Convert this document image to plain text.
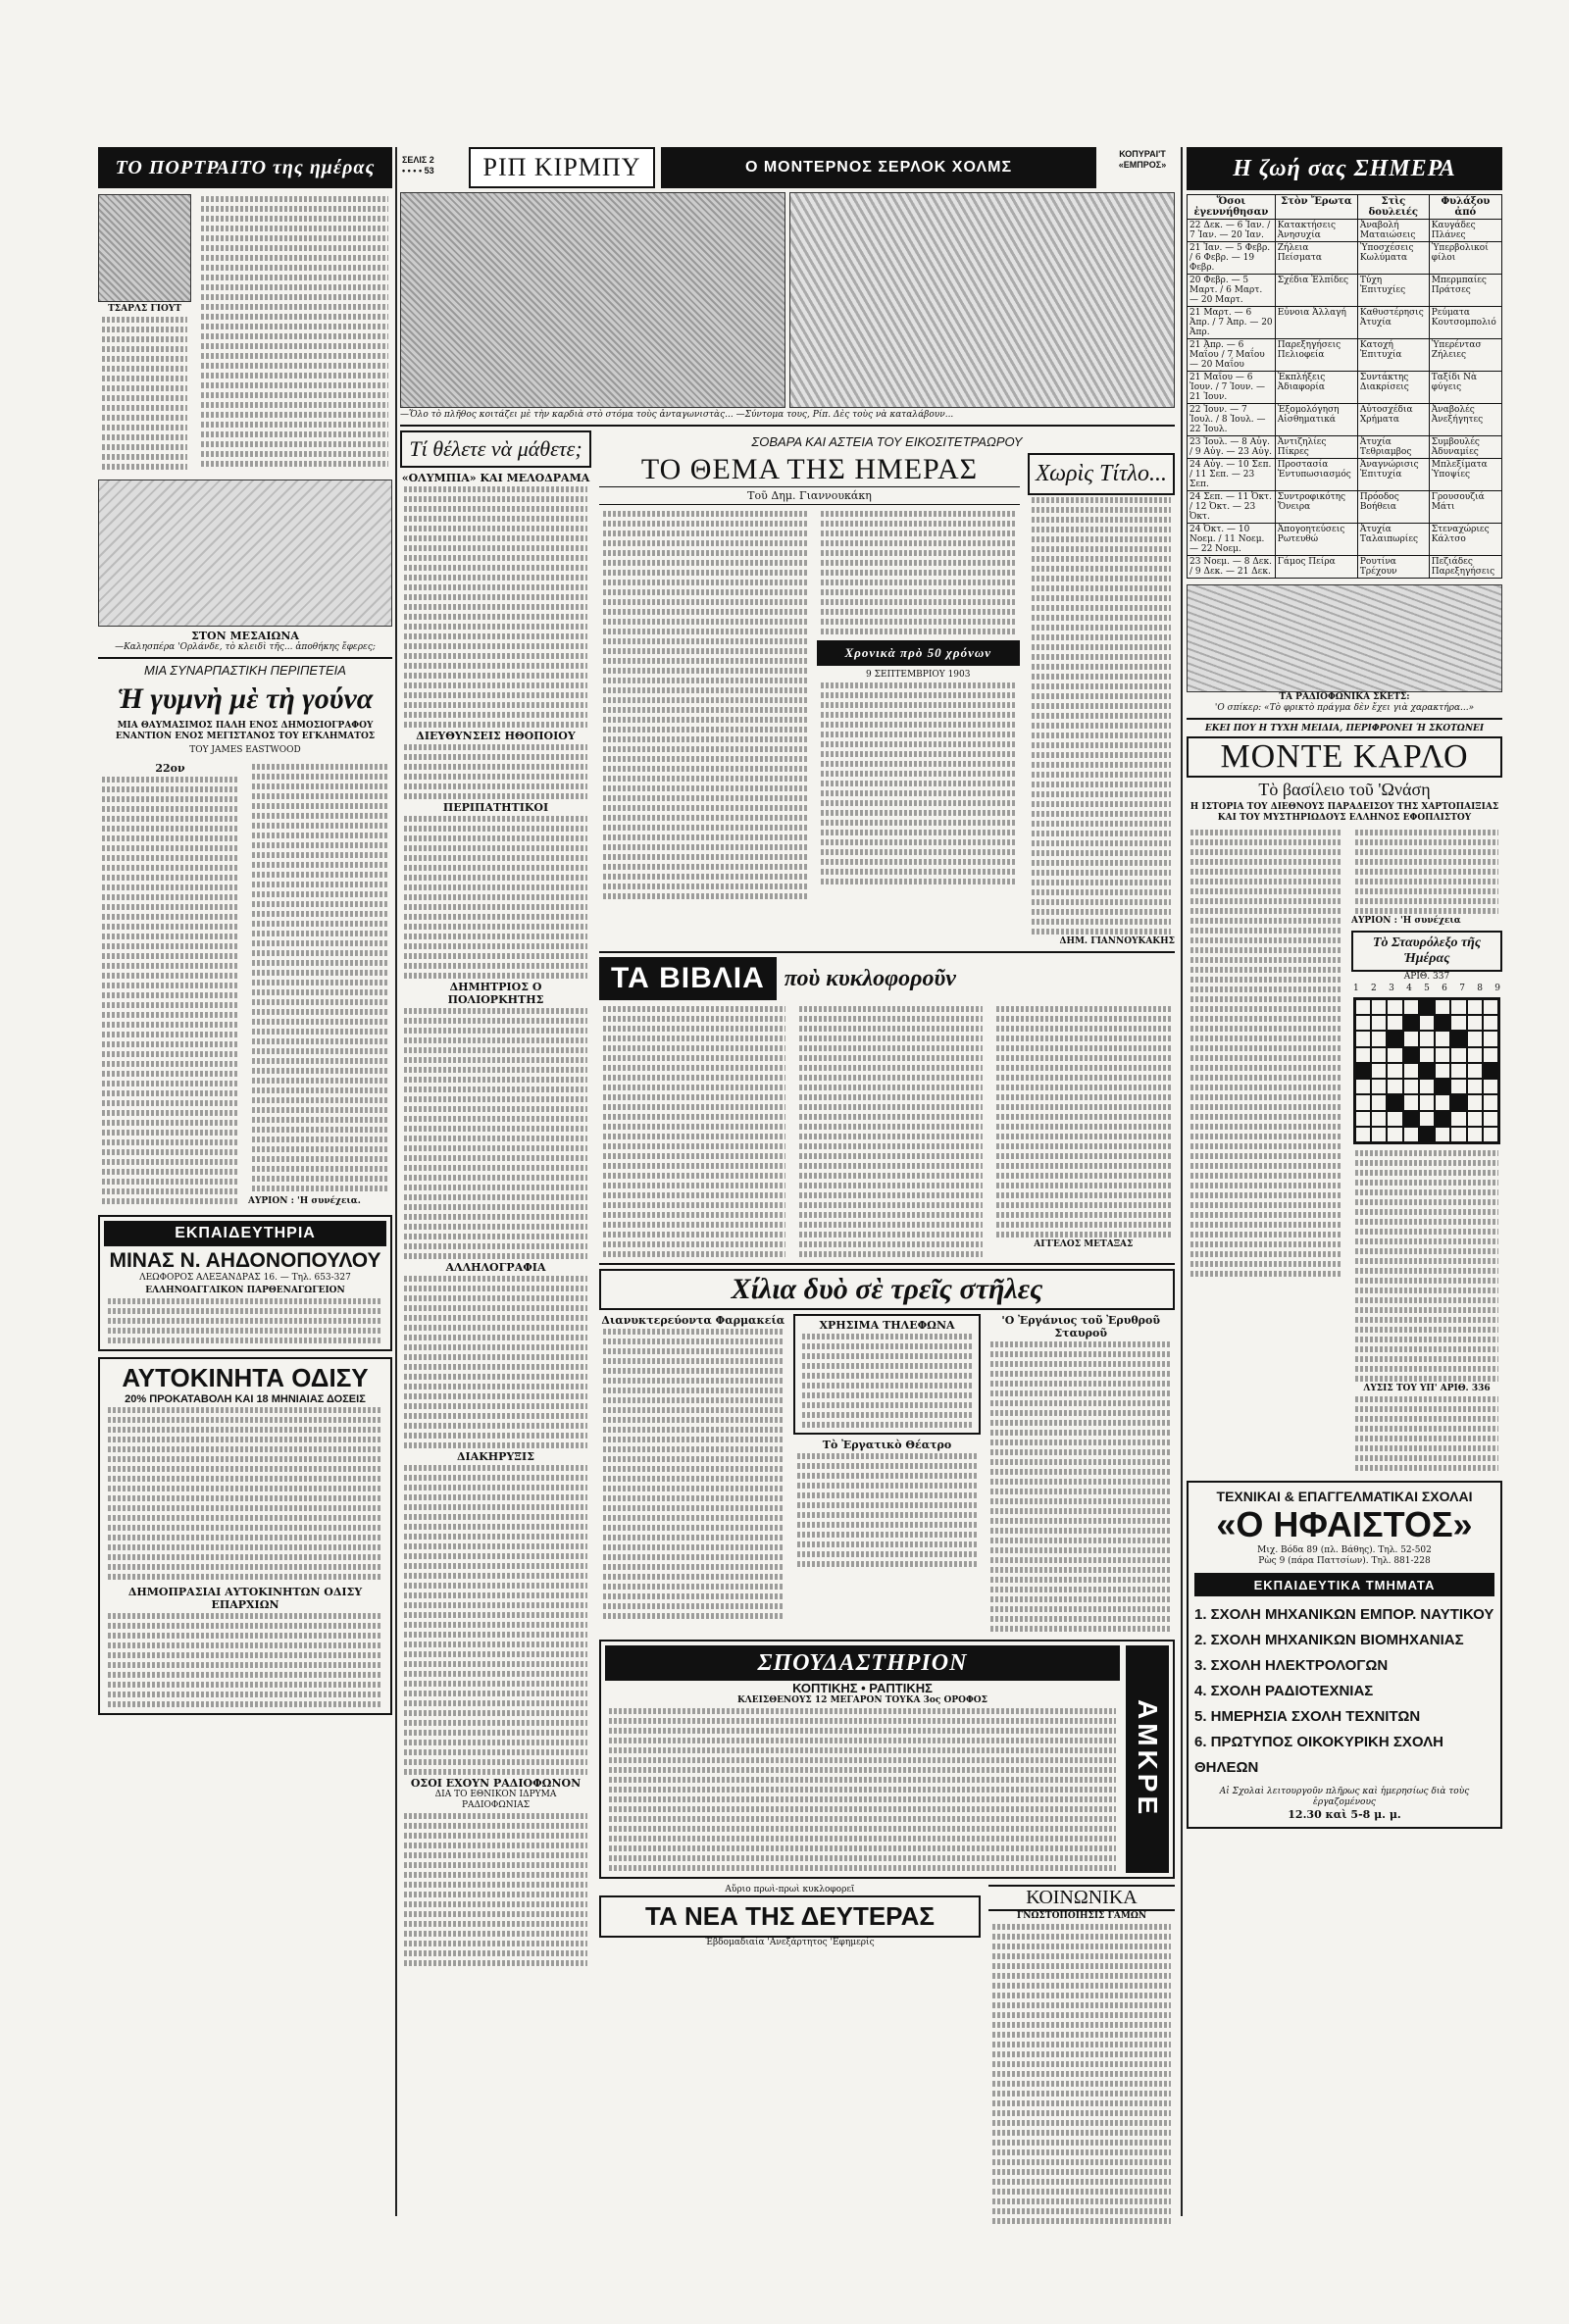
ΣΕΛΙΣ 2
• • • • 53
ΚΟΠΥΡΑΙ'Τ
«ΕΜΠΡΟΣ»
ΤΟ ΠΟΡΤΡΑΙΤΟ της ημέρας
ΤΣΑΡΛΣ ΓΙΟΥΤ
ΣΤΟΝ ΜΕΣΑΙΩΝΑ
—Καλησπέρα 'Ορλάνδε, τὸ κλειδὶ τῆς... ἀποθήκης ἔφερες;
ΜΙΑ ΣΥΝΑΡΠΑΣΤΙΚΗ ΠΕΡΙΠΕΤΕΙΑ
Ἡ γυμνὴ μὲ τὴ γούνα
ΜΙΑ ΘΑΥΜΑΣΙΜΟΣ ΠΑΛΗ ΕΝΟΣ ΔΗΜΟΣΙΟΓΡΑΦΟΥ ΕΝΑΝΤΙΟΝ ΕΝΟΣ ΜΕΓΙΣΤΑΝΟΣ ΤΟΥ ΕΓΚΛΗΜΑΤΟΣ
ΤΟΥ JAMES EASTWOOD
22ον
ΑΥΡΙΟΝ : 'Η συνέχεια.
ΕΚΠΑΙΔΕΥΤΗΡΙΑ
ΜΙΝΑΣ Ν. ΑΗΔΟΝΟΠΟΥΛΟΥ
ΛΕΩΦΟΡΟΣ ΑΛΕΞΑΝΔΡΑΣ 16. — Τηλ. 653-327
ΕΛΛΗΝΟΑΓΓΛΙΚΟΝ ΠΑΡΘΕΝΑΓΩΓΕΙΟΝ
ΑΥΤΟΚΙΝΗΤΑ ΟΔΙΣΥ
20% ΠΡΟΚΑΤΑΒΟΛΗ ΚΑΙ 18 ΜΗΝΙΑΙΑΣ ΔΟΣΕΙΣ
ΔΗΜΟΠΡΑΣΙΑΙ ΑΥΤΟΚΙΝΗΤΩΝ ΟΔΙΣΥ ΕΠΑΡΧΙΩΝ
ΡΙΠ ΚΙΡΜΠΥ	Ο ΜΟΝΤΕΡΝΟΣ ΣΕΡΛΟΚ ΧΟΛΜΣ
—Ὅλο τὸ πλῆθος κοιτάζει μὲ τὴν καρδιὰ στὸ στόμα τοὺς ἀνταγωνιστὰς... —Σύντομα τους, Ρίπ. Δὲς τοὺς νὰ καταλάβουν...
Τί θέλετε νὰ μάθετε;
«ΟΛΥΜΠΙΑ» ΚΑΙ ΜΕΛΟΔΡΑΜΑ
ΔΙΕΥΘΥΝΣΕΙΣ ΗΘΟΠΟΙΟΥ
ΠΕΡΙΠΑΤΗΤΙΚΟΙ
ΔΗΜΗΤΡΙΟΣ Ο ΠΟΛΙΟΡΚΗΤΗΣ
ΑΛΛΗΛΟΓΡΑΦΙΑ
ΔΙΑΚΗΡΥΞΙΣ
ΟΣΟΙ ΕΧΟΥΝ ΡΑΔΙΟΦΩΝΟΝ
ΔΙΑ ΤΟ ΕΘΝΙΚΟΝ ΙΔΡΥΜΑ ΡΑΔΙΟΦΩΝΙΑΣ
ΣΟΒΑΡΑ ΚΑΙ ΑΣΤΕΙΑ ΤΟΥ ΕΙΚΟΣΙΤΕΤΡΑΩΡΟΥ
ΤΟ ΘΕΜΑ ΤΗΣ ΗΜΕΡΑΣ
Τοῦ Δημ. Γιαννουκάκη
Χρονικὰ πρὸ 50 χρόνων
9 ΣΕΠΤΕΜΒΡΙΟΥ 1903
Χωρὶς Τίτλο...
ΔΗΜ. ΓΙΑΝΝΟΥΚΑΚΗΣ
ΤΑ ΒΙΒΛΙΑ ποὺ κυκλοφοροῦν
ΑΓΓΕΛΟΣ ΜΕΤΑΞΑΣ
Χίλια δυὸ σὲ τρεῖς στῆλες
Διανυκτερεύοντα Φαρμακεία	ΧΡΗΣΙΜΑ ΤΗΛΕΦΩΝΑ
Τὸ Ἐργατικὸ Θέατρο
'Ο Ἐργάνιος τοῦ Ἐρυθροῦ Σταυροῦ
ΣΠΟΥΔΑΣΤΗΡΙΟΝ
ΚΟΠΤΙΚΗΣ • ΡΑΠΤΙΚΗΣ
ΚΛΕΙΣΘΕΝΟΥΣ 12 ΜΕΓΑΡΟΝ ΤΟΥΚΑ 3ος ΟΡΟΦΟΣ	ΑΜΚΡΕ
Αὔριο πρωὶ-πρωὶ κυκλοφορεῖ
ΤΑ ΝΕΑ ΤΗΣ ΔΕΥΤΕΡΑΣ
Ἑβδομαδιαία 'Ανεξάρτητος 'Εφημερίς
ΚΟΙΝΩΝΙΚΑ
ΓΝΩΣΤΟΠΟΙΗΣΙΣ ΓΑΜΩΝ
Η ζωή σας ΣΗΜΕΡΑ
Ὅσοι ἐγεννήθησαν	Στὸν Ἔρωτα	Στὶς δουλειές	Φυλάξου ἀπό
22 Δεκ. — 6 Ἰαν. / 7 Ἰαν. — 20 Ἰαν.	Κατακτήσεις Ἀνησυχία	Ἀναβολή Ματαιώσεις	Καυγάδες Πλάνες
21 Ἰαν. — 5 Φεβρ. / 6 Φεβρ. — 19 Φεβρ.	Ζήλεια Πείσματα	Ὑποσχέσεις Κωλύματα	Ὑπερβολικοί φίλοι
20 Φεβρ. — 5 Μαρτ. / 6 Μαρτ. — 20 Μαρτ.	Σχέδια Ἐλπίδες	Τύχη Ἐπιτυχίες	Μπερμπαίες Πράτσες
21 Μαρτ. — 6 Ἀπρ. / 7 Ἀπρ. — 20 Ἀπρ.	Εὐνοια Ἀλλαγή	Καθυστέρησις Ἀτυχία	Ρεύματα Κουτσομπολιό
21 Ἀπρ. — 6 Μαΐου / 7 Μαΐου — 20 Μαΐου	Παρεξηγήσεις Πελιοφεία	Κατοχή Ἐπιτυχία	Ὑπερέντασ Ζήλειες
21 Μαΐου — 6 Ἰουν. / 7 Ἰουν. — 21 Ἰουν.	Ἐκπλήξεις Ἀδιαφορία	Συντάκτης Διακρίσεις	Ταξίδι Νὰ φύγεις
22 Ἰουν. — 7 Ἰουλ. / 8 Ἰουλ. — 22 Ἰουλ.	Ἐξομολόγηση Αἰσθηματικά	Αὐτοσχέδια Χρήματα	Ἀναβολές Ἀνεξήγητες
23 Ἰουλ. — 8 Αὐγ. / 9 Αὐγ. — 23 Αὐγ.	Ἀντιζηλίες Πίκρες	Ἀτυχία Τεθριαμβος	Συμβουλές Ἀδυναμίες
24 Αὐγ. — 10 Σεπ. / 11 Σεπ. — 23 Σεπ.	Προστασία Ἐντυπωσιασμός	Ἀναγνώρισις Ἐπιτυχία	Μπλεξίματα Ὑποψίες
24 Σεπ. — 11 Ὀκτ. / 12 Ὀκτ. — 23 Ὀκτ.	Συντροφικότης Ὄνειρα	Πρόοδος Βοήθεια	Γρουσουζιά Μάτι
24 Ὀκτ. — 10 Νοεμ. / 11 Νοεμ. — 22 Νοεμ.	Ἀπογοητεύσεις Ρωτευθώ	Ἀτυχία Ταλαιπωρίες	Στεναχώριες Κάλτσο
23 Νοεμ. — 8 Δεκ. / 9 Δεκ. — 21 Δεκ.	Γάμος Πείρα	Ρουτίνα Τρέχουν	Πεζιάδες Παρεξηγήσεις
ΤΑ ΡΑΔΙΟΦΩΝΙΚΑ ΣΚΕΤΣ:
'Ο σπίκερ: «Τὸ φρικτὸ πράγμα δὲν ἔχει γιὰ χαρακτήρα...»
ΕΚΕΙ ΠΟΥ Η ΤΥΧΗ ΜΕΙΔΙΑ, ΠΕΡΙΦΡΟΝΕΙ Ή ΣΚΟΤΩΝΕΙ
ΜΟΝΤΕ ΚΑΡΛΟ
Τὸ βασίλειο τοῦ 'Ωνάση
Η ΙΣΤΟΡΙΑ ΤΟΥ ΔΙΕΘΝΟΥΣ ΠΑΡΑΔΕΙΣΟΥ ΤΗΣ ΧΑΡΤΟΠΑΙΞΙΑΣ ΚΑΙ ΤΟΥ ΜΥΣΤΗΡΙΩΔΟΥΣ ΕΛΛΗΝΟΣ ΕΦΟΠΛΙΣΤΟΥ
ΑΥΡΙΟΝ : 'Η συνέχεια
Τὸ Σταυρόλεξο τῆς Ἡμέρας
ΑΡΙΘ. 337
1 2 3 4 5 6 7 8 9
ΛΥΣΙΣ ΤΟΥ ΥΠ' ΑΡΙΘ. 336
ΤΕΧΝΙΚΑΙ & ΕΠΑΓΓΕΛΜΑΤΙΚΑΙ ΣΧΟΛΑΙ
«Ο ΗΦΑΙΣΤΟΣ»
Μιχ. Βόδα 89 (πλ. Βάθης). Τηλ. 52-502
Ρὼς 9 (πάρα Παττσίων). Τηλ. 881-228
ΕΚΠΑΙΔΕΥΤΙΚΑ ΤΜΗΜΑΤΑ
1. ΣΧΟΛΗ ΜΗΧΑΝΙΚΩΝ ΕΜΠΟΡ. ΝΑΥΤΙΚΟΥ
2. ΣΧΟΛΗ ΜΗΧΑΝΙΚΩΝ ΒΙΟΜΗΧΑΝΙΑΣ
3. ΣΧΟΛΗ ΗΛΕΚΤΡΟΛΟΓΩΝ
4. ΣΧΟΛΗ ΡΑΔΙΟΤΕΧΝΙΑΣ
5. ΗΜΕΡΗΣΙΑ ΣΧΟΛΗ ΤΕΧΝΙΤΩΝ
6. ΠΡΩΤΥΠΟΣ ΟΙΚΟΚΥΡΙΚΗ ΣΧΟΛΗ ΘΗΛΕΩΝ
Αἱ Σχολαὶ λειτουργοῦν πλῆρως καὶ ἡμερησίως διὰ τοὺς ἐργαζομένους
12.30 καὶ 5-8 μ. μ.
